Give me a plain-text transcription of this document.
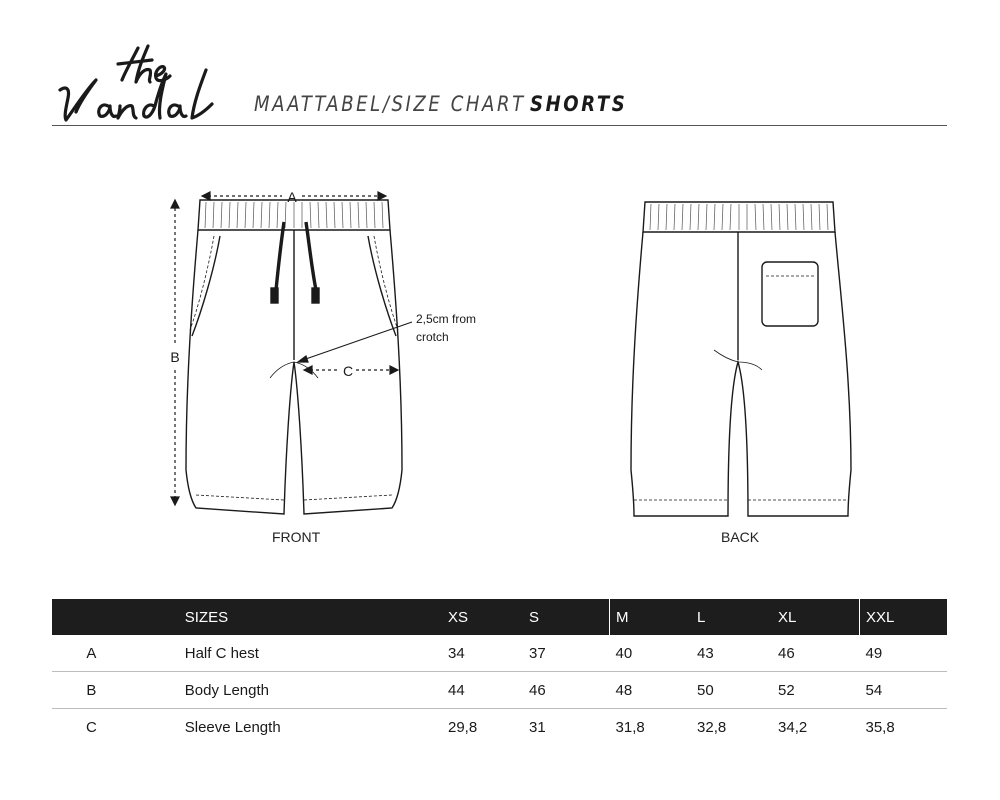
MAATTABEL/SIZE CHART SHORTS
A
B
C
2,5cm from
crotch
FRONT	BACK
	SIZES	XS	S	M	L	XL	XXL
A	Half C hest	34	37	40	43	46	49
B	Body Length	44	46	48	50	52	54
C	Sleeve Length	29,8	31	31,8	32,8	34,2	35,8
